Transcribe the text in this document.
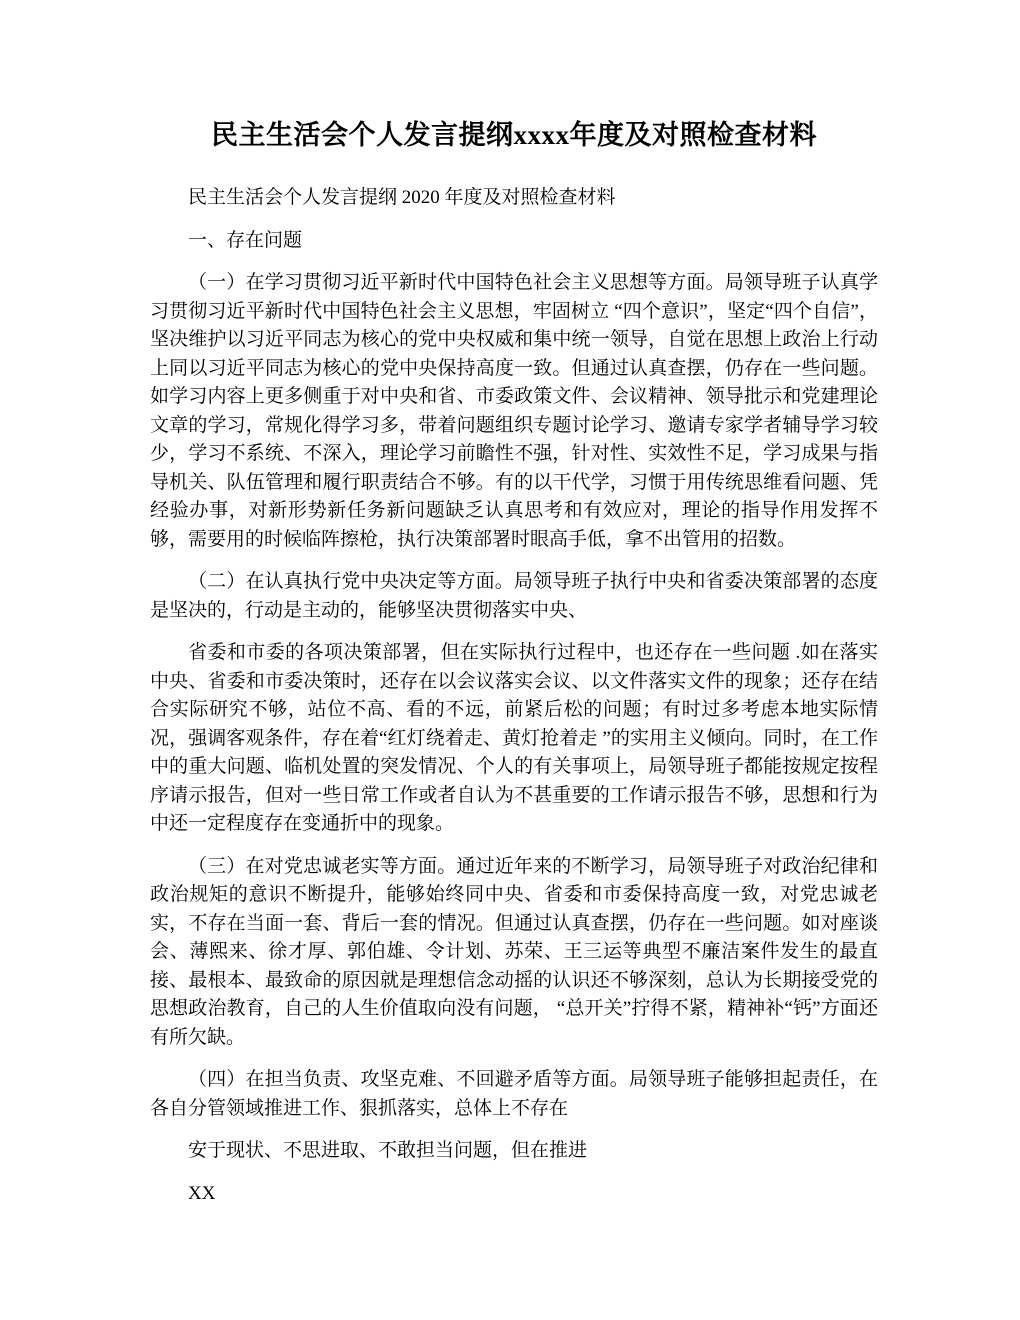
民主生活会个人发言提纲xxxx年度及对照检查材料

民主生活会个人发言提纲 2020 年度及对照检查材料

一、存在问题

（一）在学习贯彻习近平新时代中国特色社会主义思想等方面。局领导班子认真学习贯彻习近平新时代中国特色社会主义思想，牢固树立 “四个意识”，坚定“四个自信”，坚决维护以习近平同志为核心的党中央权威和集中统一领导，自觉在思想上政治上行动上同以习近平同志为核心的党中央保持高度一致。但通过认真查摆，仍存在一些问题。如学习内容上更多侧重于对中央和省、市委政策文件、会议精神、领导批示和党建理论文章的学习，常规化得学习多，带着问题组织专题讨论学习、邀请专家学者辅导学习较少，学习不系统、不深入，理论学习前瞻性不强，针对性、实效性不足，学习成果与指导机关、队伍管理和履行职责结合不够。有的以干代学，习惯于用传统思维看问题、凭经验办事，对新形势新任务新问题缺乏认真思考和有效应对，理论的指导作用发挥不够，需要用的时候临阵擦枪，执行决策部署时眼高手低，拿不出管用的招数。

（二）在认真执行党中央决定等方面。局领导班子执行中央和省委决策部署的态度是坚决的，行动是主动的，能够坚决贯彻落实中央、

省委和市委的各项决策部署，但在实际执行过程中，也还存在一些问题 .如在落实中央、省委和市委决策时，还存在以会议落实会议、以文件落实文件的现象；还存在结合实际研究不够，站位不高、看的不远，前紧后松的问题；有时过多考虑本地实际情况，强调客观条件，存在着“红灯绕着走、黄灯抢着走 ”的实用主义倾向。同时，在工作中的重大问题、临机处置的突发情况、个人的有关事项上，局领导班子都能按规定按程序请示报告，但对一些日常工作或者自认为不甚重要的工作请示报告不够，思想和行为中还一定程度存在变通折中的现象。

（三）在对党忠诚老实等方面。通过近年来的不断学习，局领导班子对政治纪律和政治规矩的意识不断提升，能够始终同中央、省委和市委保持高度一致，对党忠诚老实，不存在当面一套、背后一套的情况。但通过认真查摆，仍存在一些问题。如对座谈会、薄熙来、徐才厚、郭伯雄、令计划、苏荣、王三运等典型不廉洁案件发生的最直接、最根本、最致命的原因就是理想信念动摇的认识还不够深刻，总认为长期接受党的思想政治教育，自己的人生价值取向没有问题， “总开关”拧得不紧，精神补“钙”方面还有所欠缺。

（四）在担当负责、攻坚克难、不回避矛盾等方面。局领导班子能够担起责任，在各自分管领域推进工作、狠抓落实，总体上不存在

安于现状、不思进取、不敢担当问题，但在推进

XX
